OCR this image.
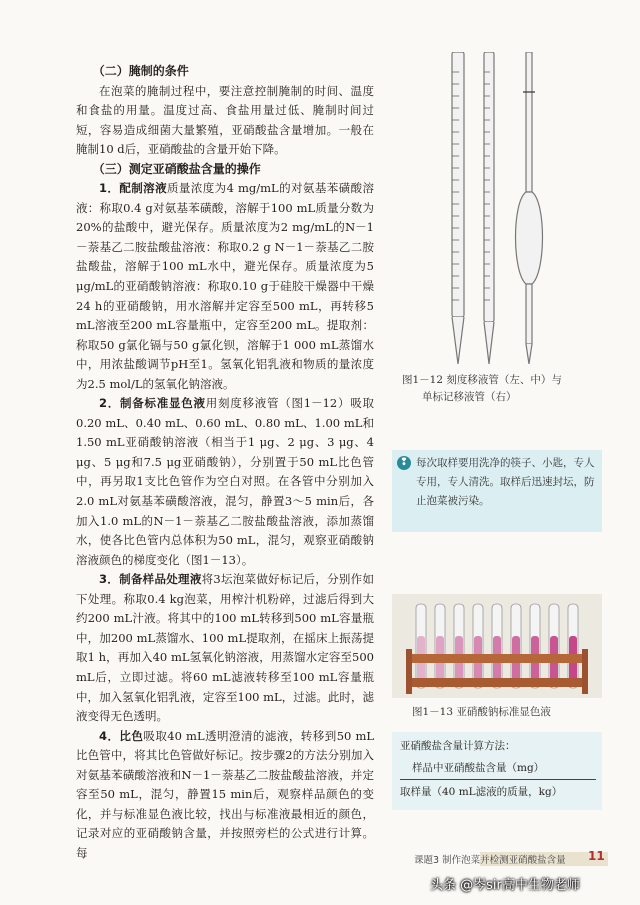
（二）腌制的条件

在泡菜的腌制过程中，要注意控制腌制的时间、温度和食盐的用量。温度过高、食盐用量过低、腌制时间过短，容易造成细菌大量繁殖，亚硝酸盐含量增加。一般在腌制10 d后，亚硝酸盐的含量开始下降。

（三）测定亚硝酸盐含量的操作

1．配制溶液质量浓度为4 mg/mL的对氨基苯磺酸溶液：称取0.4 g对氨基苯磺酸，溶解于100 mL质量分数为20%的盐酸中，避光保存。质量浓度为2 mg/mL的N－1－萘基乙二胺盐酸盐溶液：称取0.2 g N－1－萘基乙二胺盐酸盐，溶解于100 mL水中，避光保存。质量浓度为5 μg/mL的亚硝酸钠溶液：称取0.10 g于硅胶干燥器中干燥24 h的亚硝酸钠，用水溶解并定容至500 mL，再转移5 mL溶液至200 mL容量瓶中，定容至200 mL。提取剂：称取50 g氯化镉与50 g氯化钡，溶解于1 000 mL蒸馏水中，用浓盐酸调节pH至1。氢氧化铝乳液和物质的量浓度为2.5 mol/L的氢氧化钠溶液。

2．制备标准显色液用刻度移液管（图1－12）吸取0.20 mL、0.40 mL、0.60 mL、0.80 mL、1.00 mL和1.50 mL亚硝酸钠溶液（相当于1 μg、2 μg、3 μg、4 μg、5 μg和7.5 μg亚硝酸钠），分别置于50 mL比色管中，再另取1支比色管作为空白对照。在各管中分别加入2.0 mL对氨基苯磺酸溶液，混匀，静置3～5 min后，各加入1.0 mL的N－1－萘基乙二胺盐酸盐溶液，添加蒸馏水，使各比色管内总体积为50 mL，混匀，观察亚硝酸钠溶液颜色的梯度变化（图1－13）。

3．制备样品处理液将3坛泡菜做好标记后，分别作如下处理。称取0.4 kg泡菜，用榨汁机粉碎，过滤后得到大约200 mL汁液。将其中的100 mL转移到500 mL容量瓶中，加200 mL蒸馏水、100 mL提取剂，在摇床上振荡提取1 h，再加入40 mL氢氧化钠溶液，用蒸馏水定容至500 mL后，立即过滤。将60 mL滤液转移至100 mL容量瓶中，加入氢氧化铝乳液，定容至100 mL，过滤。此时，滤液变得无色透明。

4．比色吸取40 mL透明澄清的滤液，转移到50 mL比色管中，将其比色管做好标记。按步骤2的方法分别加入对氨基苯磺酸溶液和N－1－萘基乙二胺盐酸盐溶液，并定容至50 mL，混匀，静置15 min后，观察样品颜色的变化，并与标准显色液比较，找出与标准液最相近的颜色，记录对应的亚硝酸钠含量，并按照旁栏的公式进行计算。每

图1－12 刻度移液管（左、中）与
单标记移液管（右）
❢ 每次取样要用洗净的筷子、小匙，专人专用，专人清洗。取样后迅速封坛，防止泡菜被污染。
图1－13 亚硝酸钠标准显色液
亚硝酸盐含量计算方法：
样品中亚硝酸盐含量（mg）
取样量（40 mL滤液的质量，kg）
课题3 制作泡菜并检测亚硝酸盐含量 11
头条 @岑sir高中生物老师
